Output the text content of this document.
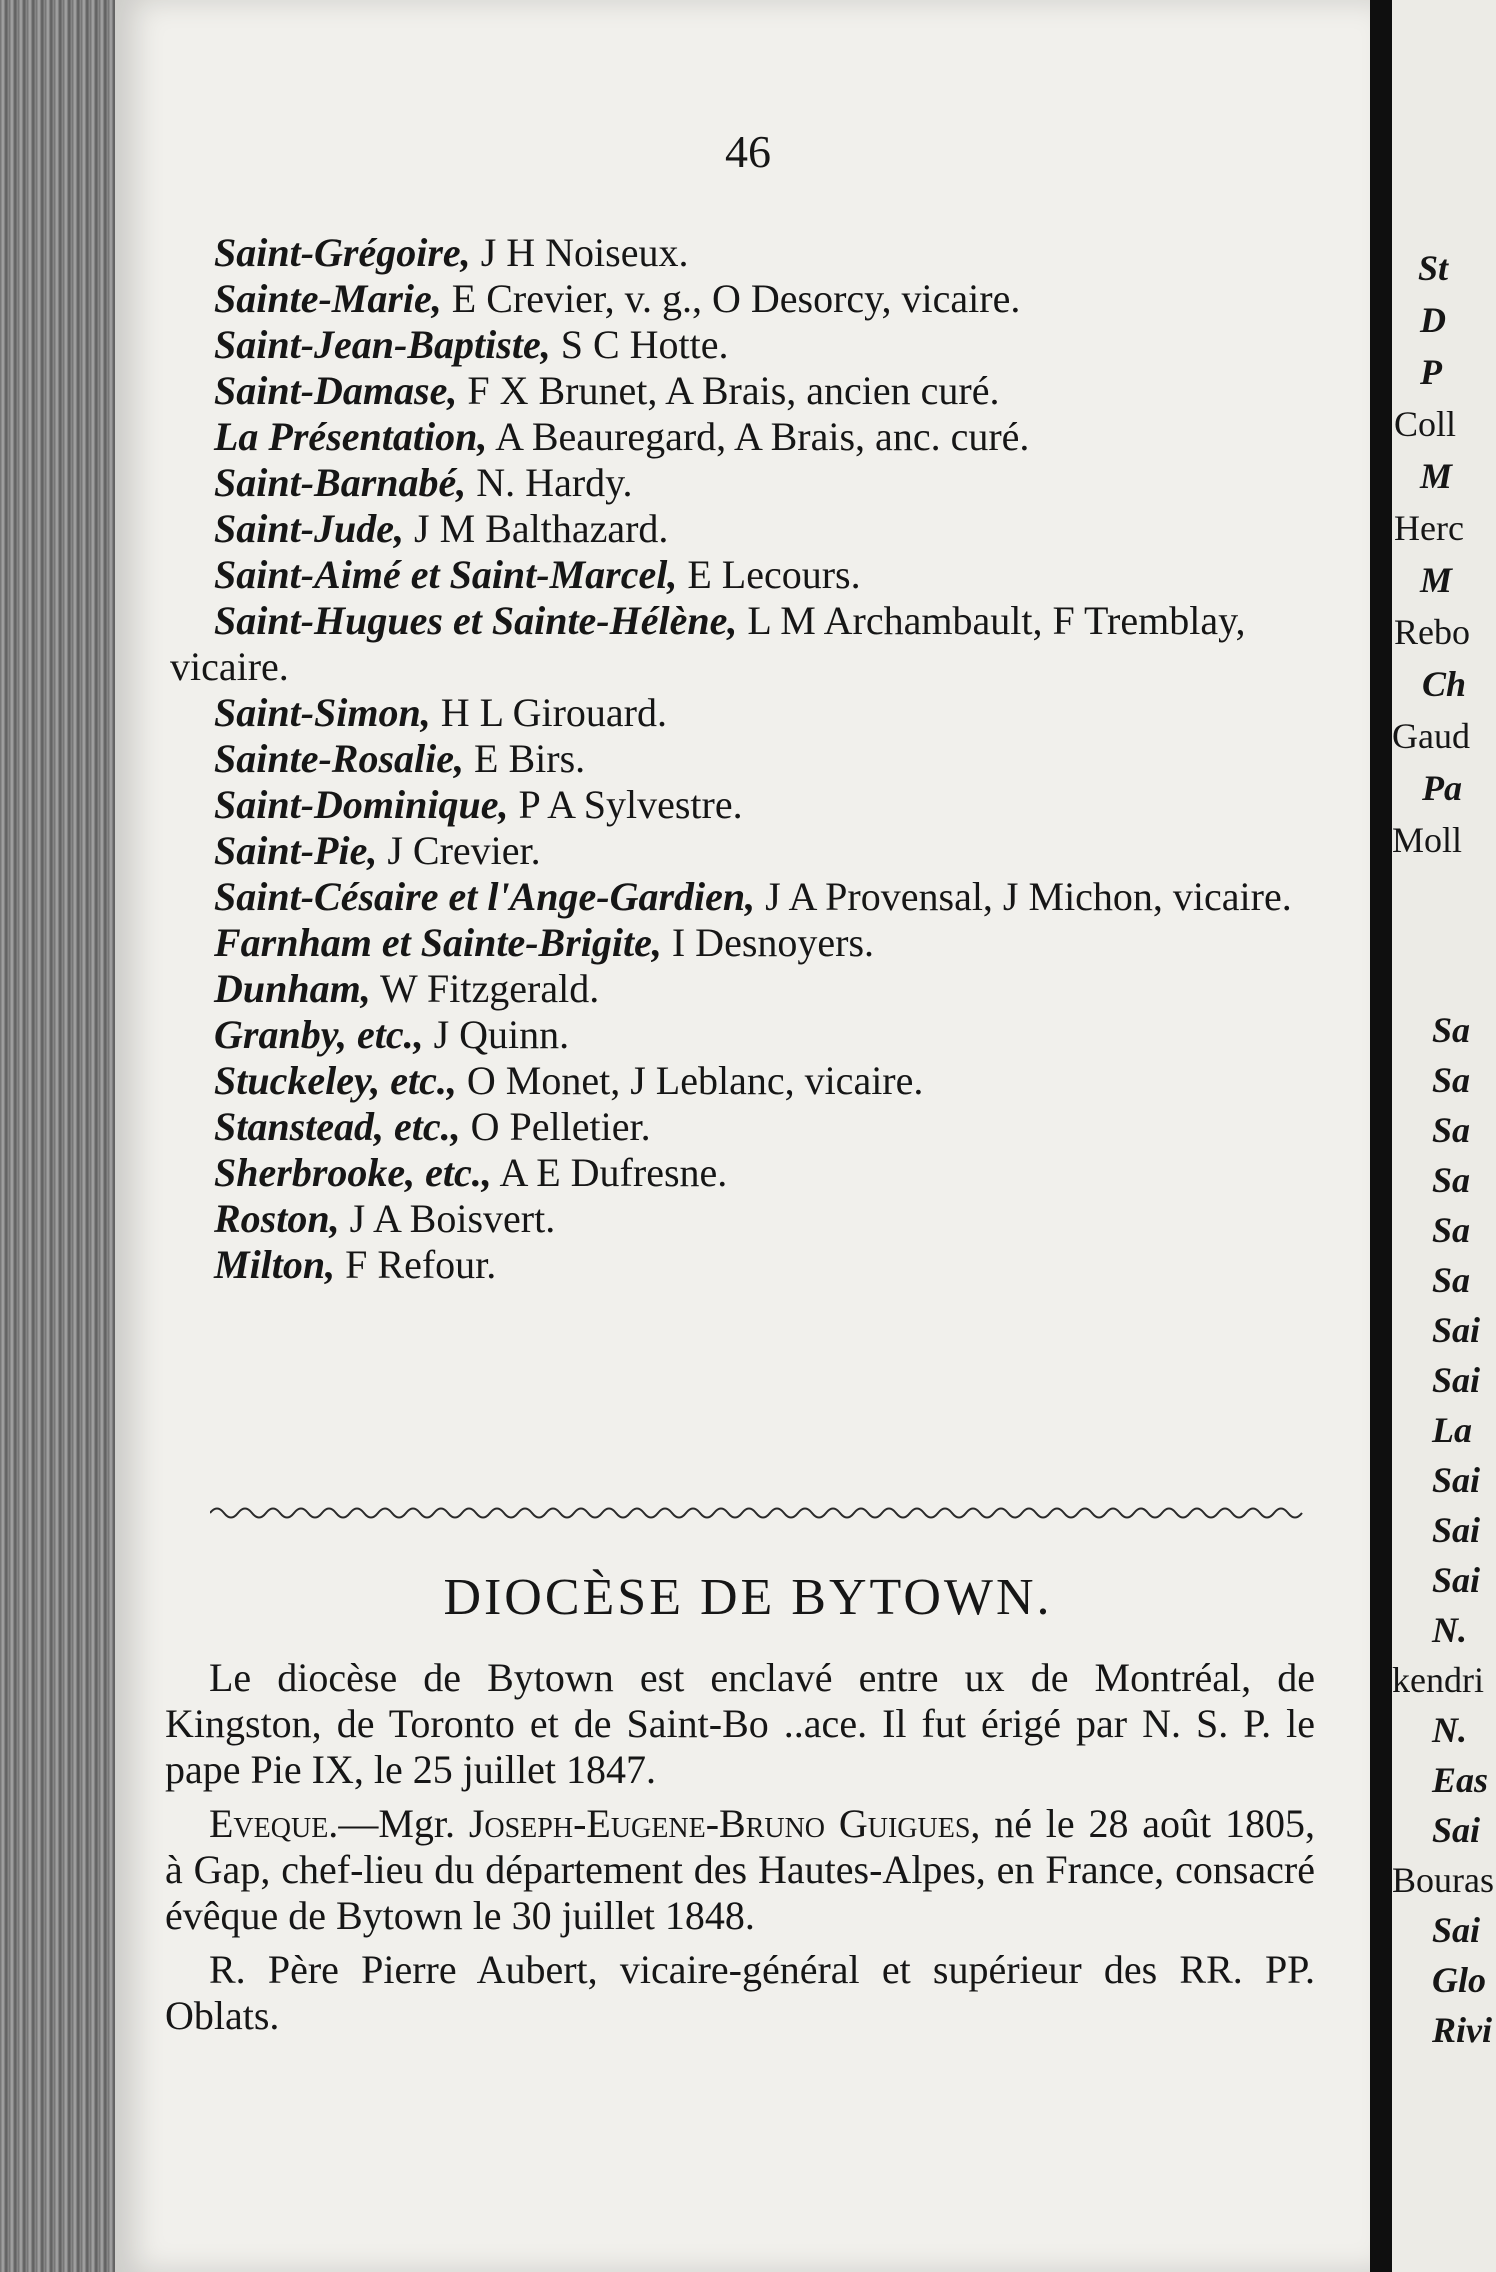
St
D
P
Coll
M
Herc
M
Rebo
Ch
Gaud
Pa
Moll
Sa
Sa
Sa
Sa
Sa
Sa
Sai
Sai
La
Sai
Sai
Sai
N.
kendri
N.
Eas
Sai
Bouras
Sai
Glo
Rivi
46

Saint-Grégoire, J H Noiseux.

Sainte-Marie, E Crevier, v. g., O Desorcy, vicaire.

Saint-Jean-Baptiste, S C Hotte.

Saint-Damase, F X Brunet, A Brais, ancien curé.

La Présentation, A Beauregard, A Brais, anc. curé.

Saint-Barnabé, N. Hardy.

Saint-Jude, J M Balthazard.

Saint-Aimé et Saint-Marcel, E Lecours.

Saint-Hugues et Sainte-Hélène, L M Archambault, F Tremblay, vicaire.

Saint-Simon, H L Girouard.

Sainte-Rosalie, E Birs.

Saint-Dominique, P A Sylvestre.

Saint-Pie, J Crevier.

Saint-Césaire et l'Ange-Gardien, J A Provensal, J Michon, vicaire.

Farnham et Sainte-Brigite, I Desnoyers.

Dunham, W Fitzgerald.

Granby, etc., J Quinn.

Stuckeley, etc., O Monet, J Leblanc, vicaire.

Stanstead, etc., O Pelletier.

Sherbrooke, etc., A E Dufresne.

Roston, J A Boisvert.

Milton, F Refour.

DIOCÈSE DE BYTOWN.

Le diocèse de Bytown est enclavé entre ux de Montréal, de Kingston, de Toronto et de Saint-Bo ..ace. Il fut érigé par N. S. P. le pape Pie IX, le 25 juillet 1847.

Eveque.—Mgr. Joseph-Eugene-Bruno Guigues, né le 28 août 1805, à Gap, chef-lieu du département des Hautes-Alpes, en France, consacré évêque de Bytown le 30 juillet 1848.

R. Père Pierre Aubert, vicaire-général et supérieur des RR. PP. Oblats.
